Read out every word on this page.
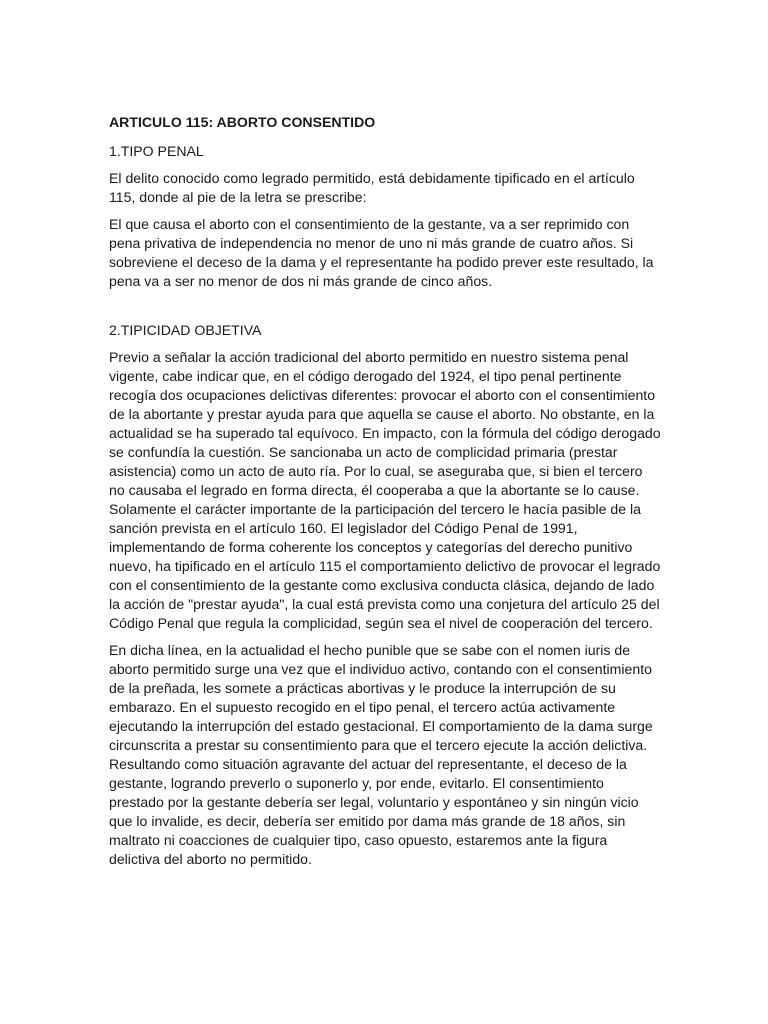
ARTICULO 115: ABORTO CONSENTIDO
1.TIPO PENAL

El delito conocido como legrado permitido, está debidamente tipificado en el artículo 115, donde al pie de la letra se prescribe:

El que causa el aborto con el consentimiento de la gestante, va a ser reprimido con pena privativa de independencia no menor de uno ni más grande de cuatro años. Si sobreviene el deceso de la dama y el representante ha podido prever este resultado, la pena va a ser no menor de dos ni más grande de cinco años.

2.TIPICIDAD OBJETIVA

Previo a señalar la acción tradicional del aborto permitido en nuestro sistema penal vigente, cabe indicar que, en el código derogado del 1924, el tipo penal pertinente recogía dos ocupaciones delictivas diferentes: provocar el aborto con el consentimiento de la abortante y prestar ayuda para que aquella se cause el aborto. No obstante, en la actualidad se ha superado tal equívoco. En impacto, con la fórmula del código derogado se confundía la cuestión. Se sancionaba un acto de complicidad primaria (prestar asistencia) como un acto de auto ría. Por lo cual, se aseguraba que, si bien el tercero no causaba el legrado en forma directa, él cooperaba a que la abortante se lo cause. Solamente el carácter importante de la participación del tercero le hacía pasible de la sanción prevista en el artículo 160. El legislador del Código Penal de 1991, implementando de forma coherente los conceptos y categorías del derecho punitivo nuevo, ha tipificado en el artículo 115 el comportamiento delictivo de provocar el legrado con el consentimiento de la gestante como exclusiva conducta clásica, dejando de lado la acción de "prestar ayuda", la cual está prevista como una conjetura del artículo 25 del Código Penal que regula la complicidad, según sea el nivel de cooperación del tercero.

En dicha línea, en la actualidad el hecho punible que se sabe con el nomen iuris de aborto permitido surge una vez que el individuo activo, contando con el consentimiento de la preñada, les somete a prácticas abortivas y le produce la interrupción de su embarazo. En el supuesto recogido en el tipo penal, el tercero actúa activamente ejecutando la interrupción del estado gestacional. El comportamiento de la dama surge circunscrita a prestar su consentimiento para que el tercero ejecute la acción delictiva. Resultando como situación agravante del actuar del representante, el deceso de la gestante, logrando preverlo o suponerlo y, por ende, evitarlo. El consentimiento prestado por la gestante debería ser legal, voluntario y espontáneo y sin ningún vicio que lo invalide, es decir, debería ser emitido por dama más grande de 18 años, sin maltrato ni coacciones de cualquier tipo, caso opuesto, estaremos ante la figura delictiva del aborto no permitido.
